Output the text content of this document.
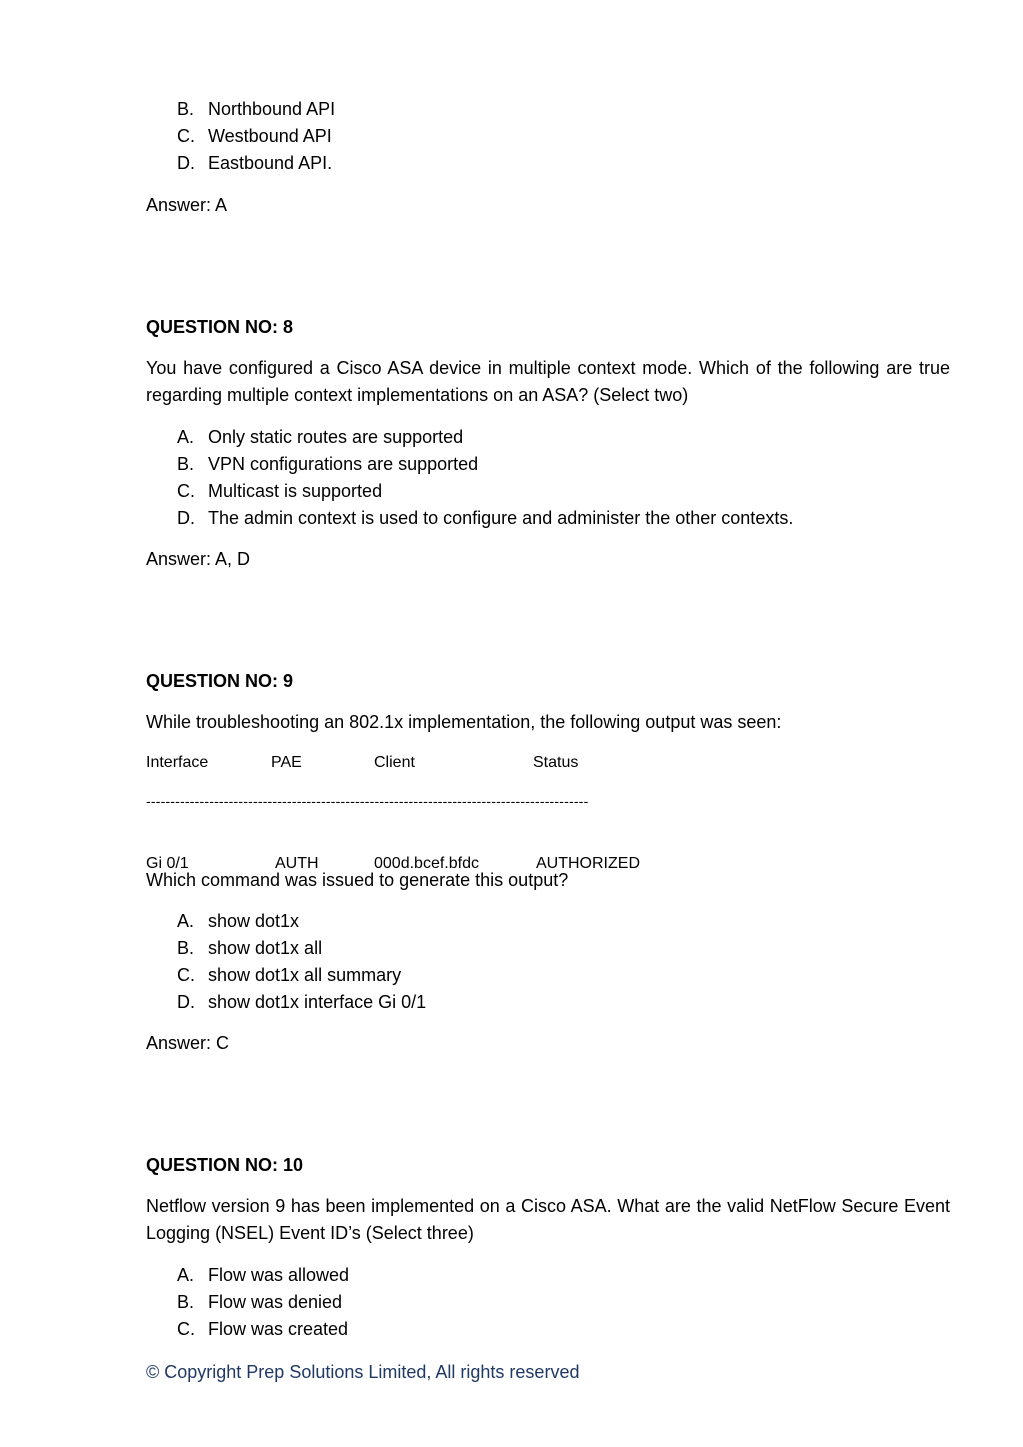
B. Northbound API
C. Westbound API
D. Eastbound API.
Answer: A
QUESTION NO: 8
You have configured a Cisco ASA device in multiple context mode. Which of the following are true regarding multiple context implementations on an ASA? (Select two)
A. Only static routes are supported
B. VPN configurations are supported
C. Multicast is supported
D. The admin context is used to configure and administer the other contexts.
Answer: A, D
QUESTION NO: 9
While troubleshooting an 802.1x implementation, the following output was seen:
Interface	PAE	Client	Status
-------------------------------------------------------------------------------------------
Gi 0/1	AUTH	000d.bcef.bfdc	AUTHORIZED
Which command was issued to generate this output?
A. show dot1x
B. show dot1x all
C. show dot1x all summary
D. show dot1x interface Gi 0/1
Answer: C
QUESTION NO: 10
Netflow version 9 has been implemented on a Cisco ASA. What are the valid NetFlow Secure Event Logging (NSEL) Event ID’s (Select three)
A. Flow was allowed
B. Flow was denied
C. Flow was created
© Copyright Prep Solutions Limited, All rights reserved
